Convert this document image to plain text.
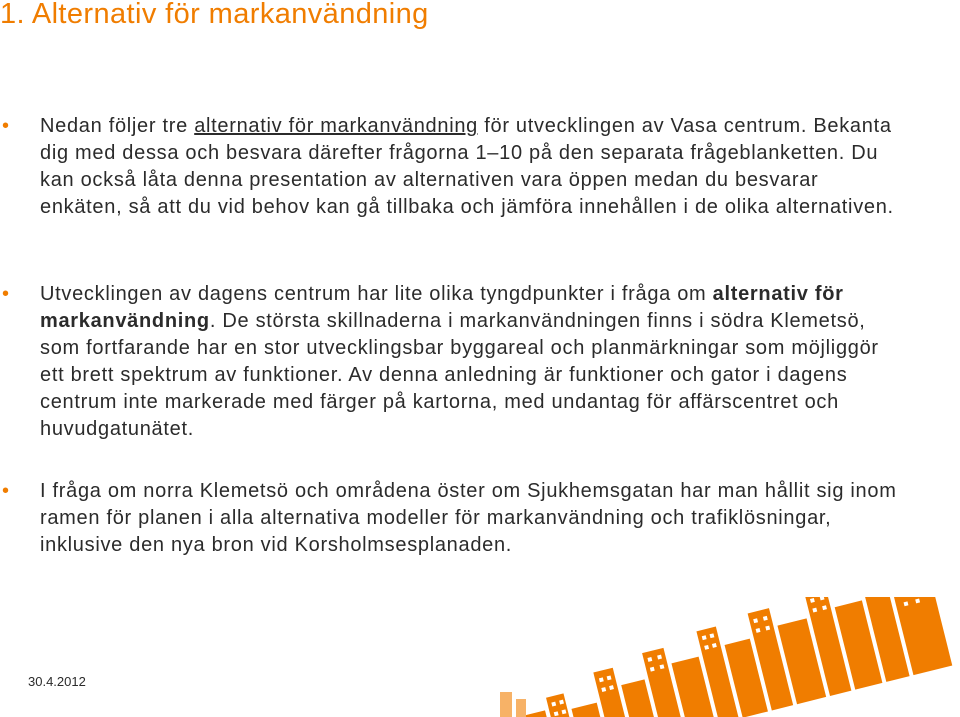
1. Alternativ för markanvändning
• Nedan följer tre alternativ för markanvändning för utvecklingen av Vasa centrum. Bekanta dig med dessa och besvara därefter frågorna 1–10 på den separata frågeblanketten. Du kan också låta denna presentation av alternativen vara öppen medan du besvarar enkäten, så att du vid behov kan gå tillbaka och jämföra innehållen i de olika alternativen.
• Utvecklingen av dagens centrum har lite olika tyngdpunkter i fråga om alternativ för markanvändning. De största skillnaderna i markanvändningen finns i södra Klemetsö, som fortfarande har en stor utvecklingsbar byggareal och planmärkningar som möjliggör ett brett spektrum av funktioner. Av denna anledning är funktioner och gator i dagens centrum inte markerade med färger på kartorna, med undantag för affärscentret och huvudgatunätet.
• I fråga om norra Klemetsö och områdena öster om Sjukhemsgatan har man hållit sig inom ramen för planen i alla alternativa modeller för markanvändning och trafiklösningar, inklusive den nya bron vid Korsholmsesplanaden.
30.4.2012
